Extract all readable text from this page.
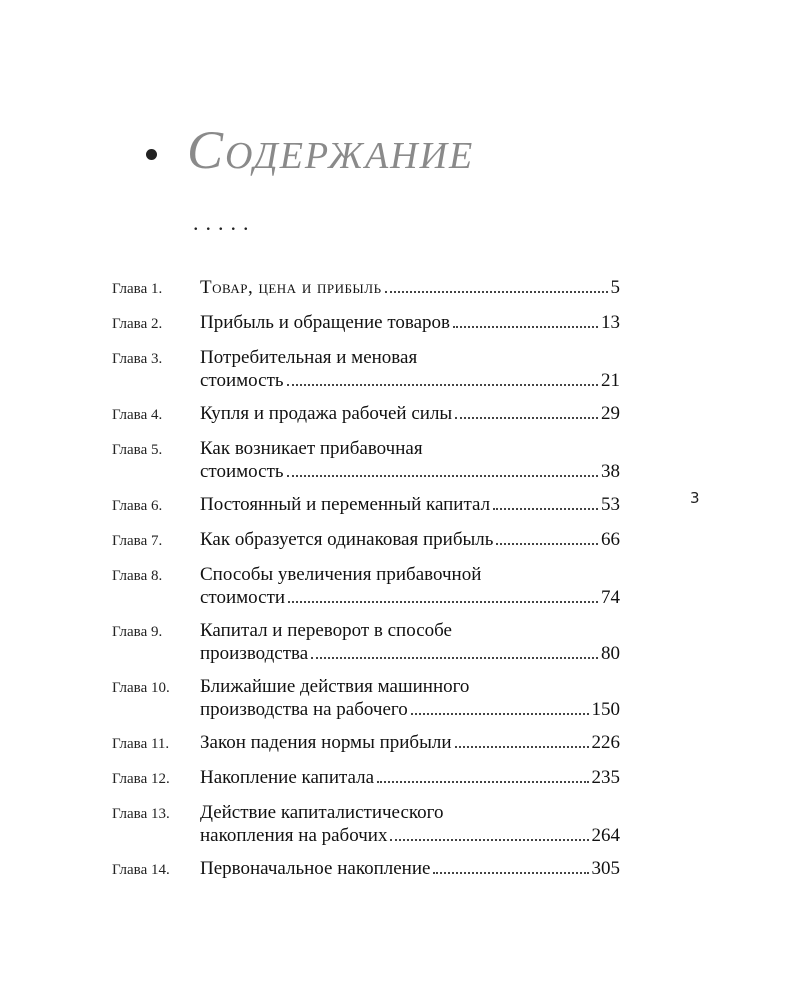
Содержание
.....
Глава 1.	Товар, цена и прибыль	5
Глава 2.	Прибыль и обращение товаров	13
Глава 3.	Потребительная и меновая
стоимость	21
Глава 4.	Купля и продажа рабочей силы	29
Глава 5.	Как возникает прибавочная
стоимость	38
Глава 6.	Постоянный и переменный капитал	53
Глава 7.	Как образуется одинаковая прибыль	66
Глава 8.	Способы увеличения прибавочной
стоимости	74
Глава 9.	Капитал и переворот в способе
производства	80
Глава 10.	Ближайшие действия машинного
производства на рабочего	150
Глава 11.	Закон падения нормы прибыли	226
Глава 12.	Накопление капитала	235
Глава 13.	Действие капиталистического
накопления на рабочих	264
Глава 14.	Первоначальное накопление	305
3
